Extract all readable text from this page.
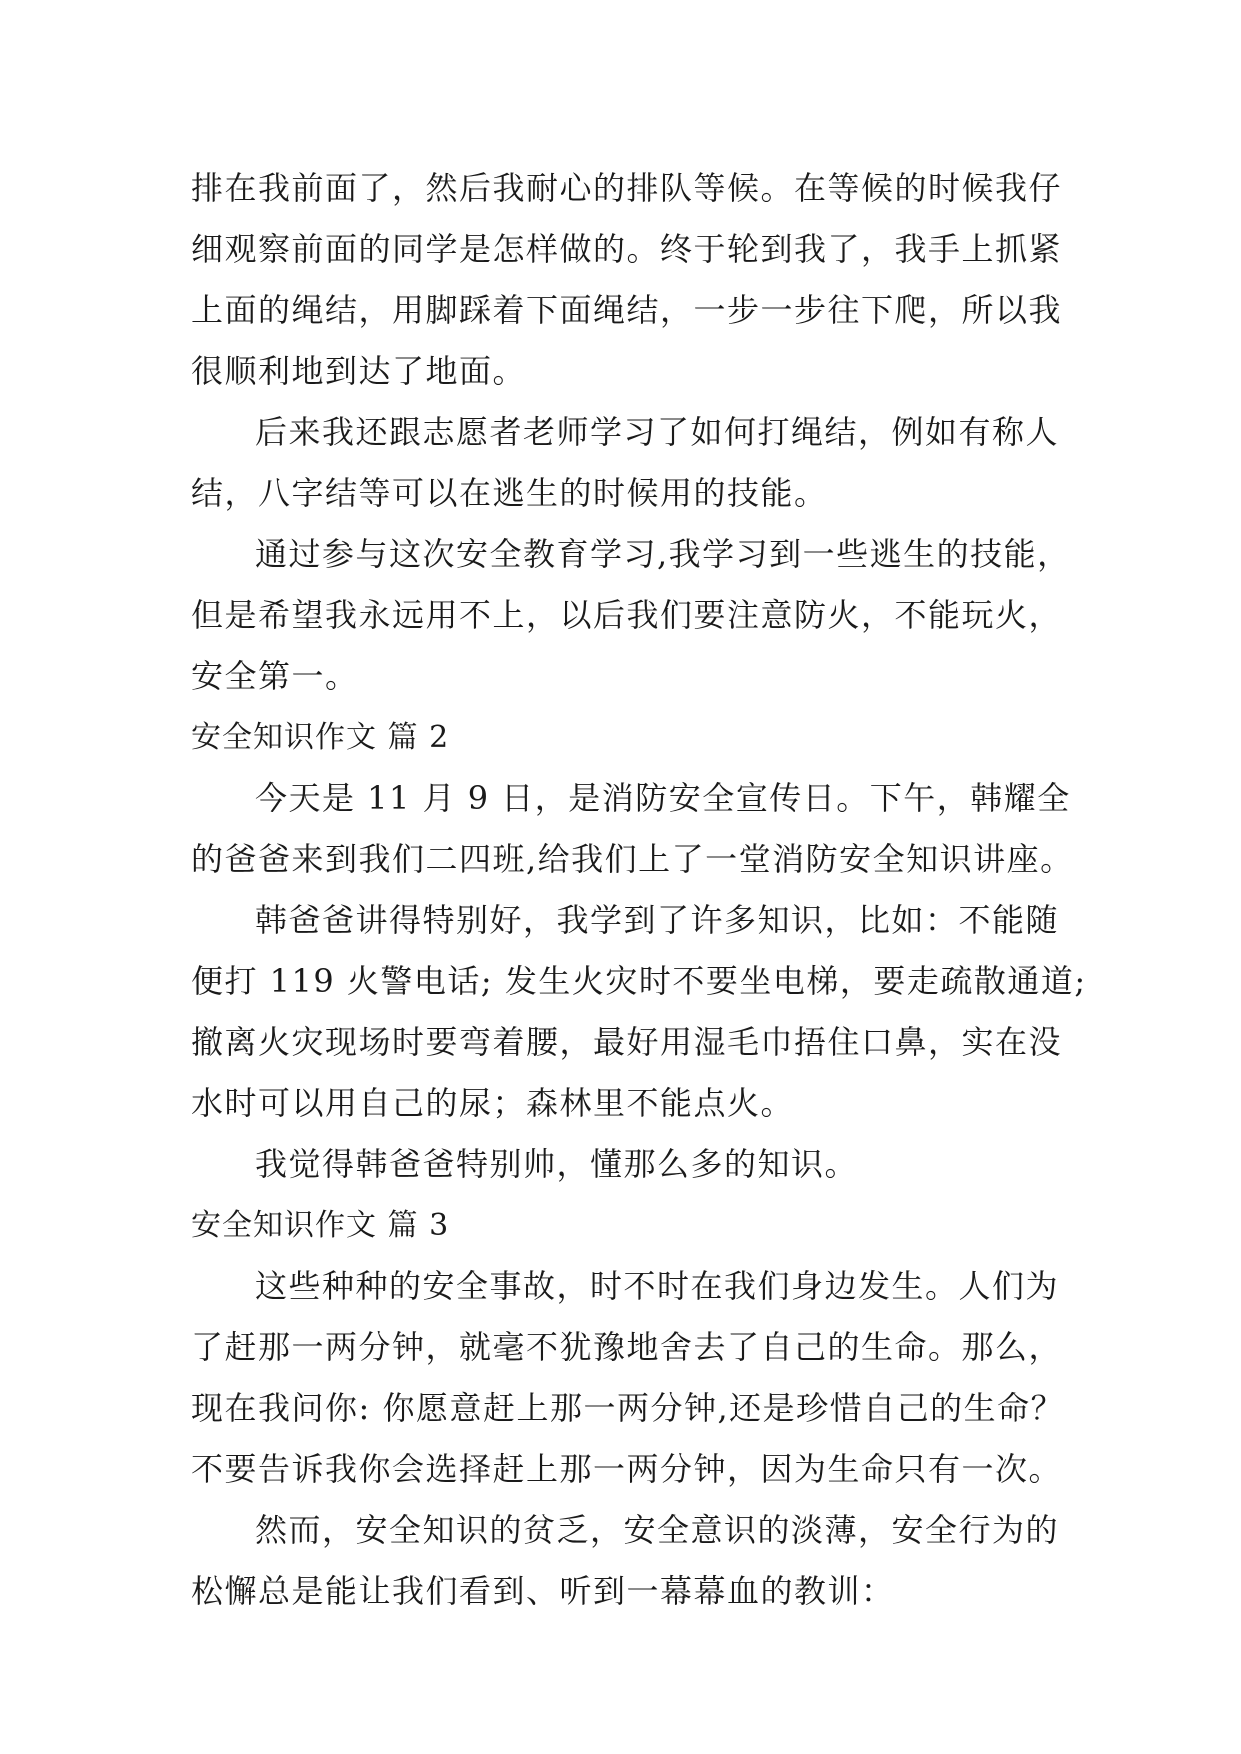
排在我前面了，然后我耐心的排队等候。在等候的时候我仔
细观察前面的同学是怎样做的。终于轮到我了，我手上抓紧
上面的绳结，用脚踩着下面绳结，一步一步往下爬，所以我
很顺利地到达了地面。
后来我还跟志愿者老师学习了如何打绳结，例如有称人
结，八字结等可以在逃生的时候用的技能。
通过参与这次安全教育学习,我学习到一些逃生的技能，
但是希望我永远用不上，以后我们要注意防火，不能玩火，
安全第一。
安全知识作文 篇 2
今天是 11 月 9 日，是消防安全宣传日。下午，韩耀全
的爸爸来到我们二四班,给我们上了一堂消防安全知识讲座。
韩爸爸讲得特别好，我学到了许多知识，比如：不能随
便打 119 火警电话; 发生火灾时不要坐电梯，要走疏散通道;
撤离火灾现场时要弯着腰，最好用湿毛巾捂住口鼻，实在没
水时可以用自己的尿；森林里不能点火。
我觉得韩爸爸特别帅，懂那么多的知识。
安全知识作文 篇 3
这些种种的安全事故，时不时在我们身边发生。人们为
了赶那一两分钟，就毫不犹豫地舍去了自己的生命。那么，
现在我问你: 你愿意赶上那一两分钟,还是珍惜自己的生命？
不要告诉我你会选择赶上那一两分钟，因为生命只有一次。
然而，安全知识的贫乏，安全意识的淡薄，安全行为的
松懈总是能让我们看到、听到一幕幕血的教训：
